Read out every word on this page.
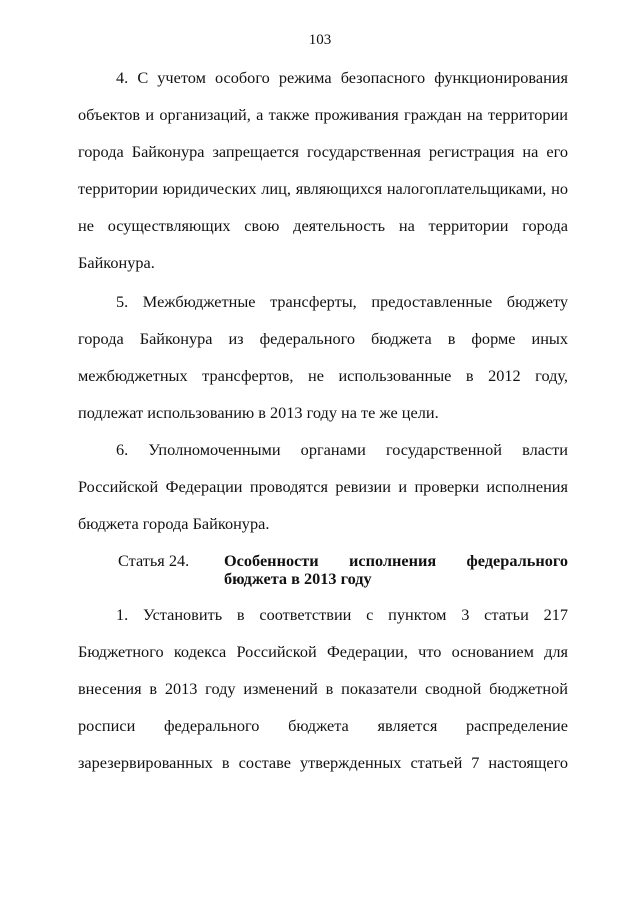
103
4. С учетом особого режима безопасного функционирования
объектов и организаций, а также проживания граждан на территории
города Байконура запрещается государственная регистрация на его
территории юридических лиц, являющихся налогоплательщиками, но
не осуществляющих свою деятельность на территории города
Байконура.
5. Межбюджетные трансферты, предоставленные бюджету
города Байконура из федерального бюджета в форме иных
межбюджетных трансфертов, не использованные в 2012 году,
подлежат использованию в 2013 году на те же цели.
6. Уполномоченными органами государственной власти
Российской Федерации проводятся ревизии и проверки исполнения
бюджета города Байконура.
Статья 24. Особенности исполнения федерального
бюджета в 2013 году
1. Установить в соответствии с пунктом 3 статьи 217
Бюджетного кодекса Российской Федерации, что основанием для
внесения в 2013 году изменений в показатели сводной бюджетной
росписи федерального бюджета является распределение
зарезервированных в составе утвержденных статьей 7 настоящего
